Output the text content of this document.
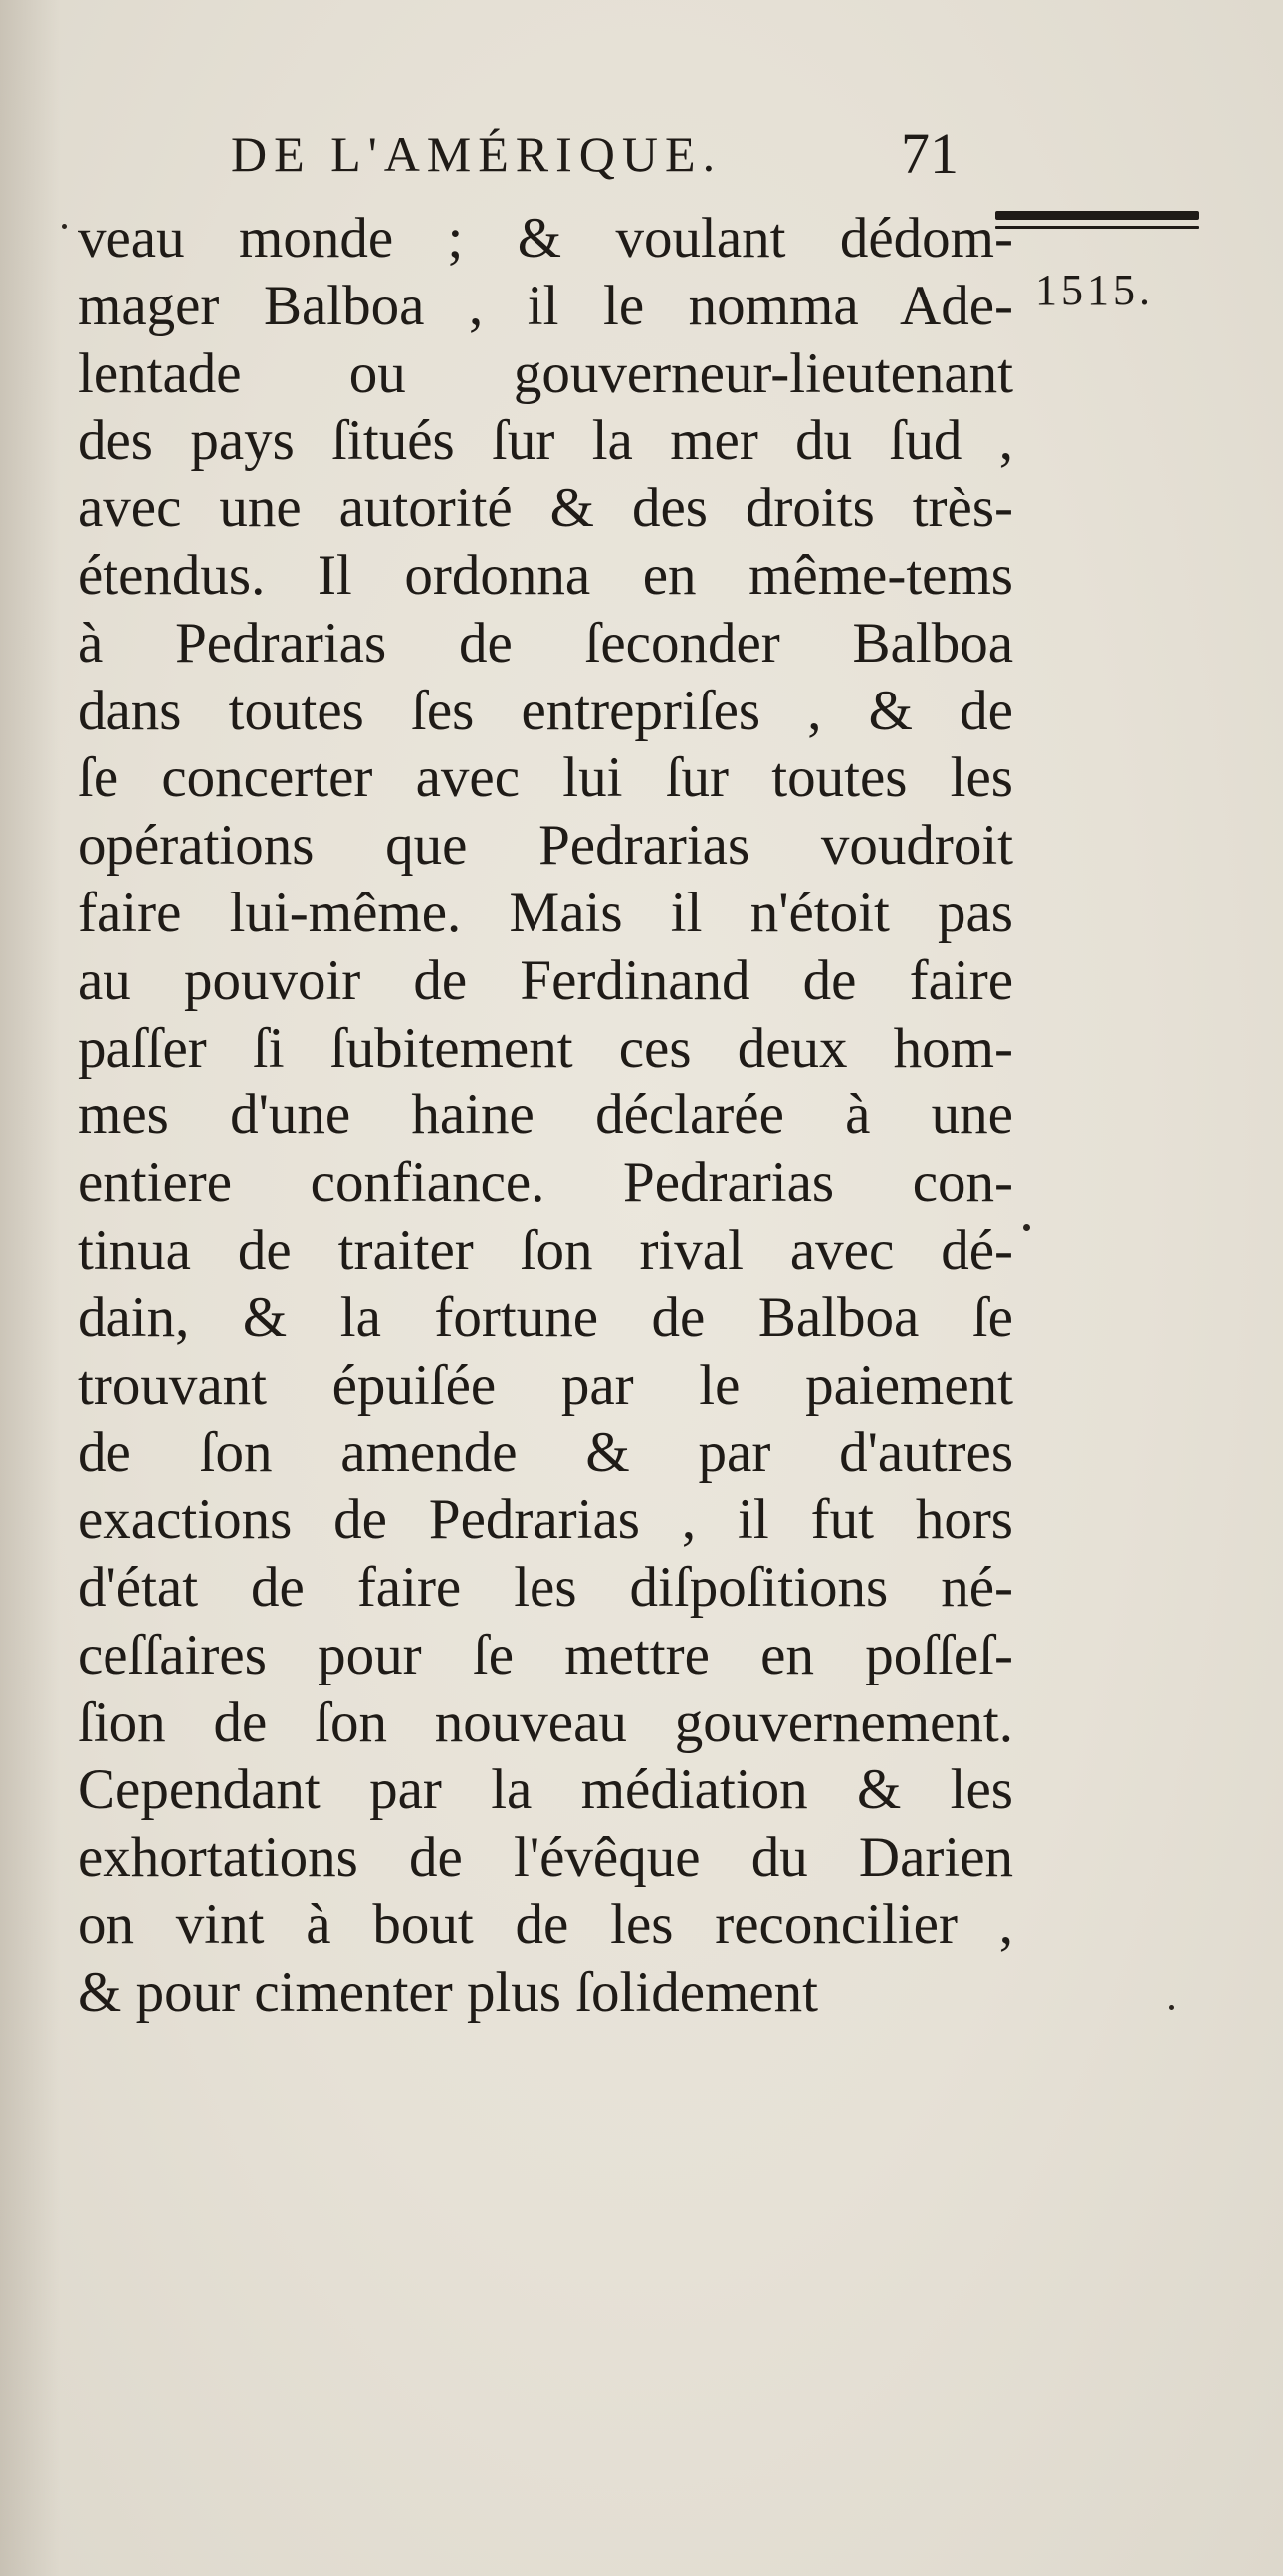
DE L'AMÉRIQUE.	71
1515.
veau monde ; & voulant dédom-
mager Balboa , il le nomma Ade-
lentade ou gouverneur-lieutenant
des pays ſitués ſur la mer du ſud ,
avec une autorité & des droits très-
étendus. Il ordonna en même-tems
à Pedrarias de ſeconder Balboa
dans toutes ſes entrepriſes , & de
ſe concerter avec lui ſur toutes les
opérations que Pedrarias voudroit
faire lui-même. Mais il n'étoit pas
au pouvoir de Ferdinand de faire
paſſer ſi ſubitement ces deux hom-
mes d'une haine déclarée à une
entiere confiance. Pedrarias con-
tinua de traiter ſon rival avec dé-
dain, & la fortune de Balboa ſe
trouvant épuiſée par le paiement
de ſon amende & par d'autres
exactions de Pedrarias , il fut hors
d'état de faire les diſpoſitions né-
ceſſaires pour ſe mettre en poſſeſ-
ſion de ſon nouveau gouvernement.
Cependant par la médiation & les
exhortations de l'évêque du Darien
on vint à bout de les reconcilier ,
& pour cimenter plus ſolidement
